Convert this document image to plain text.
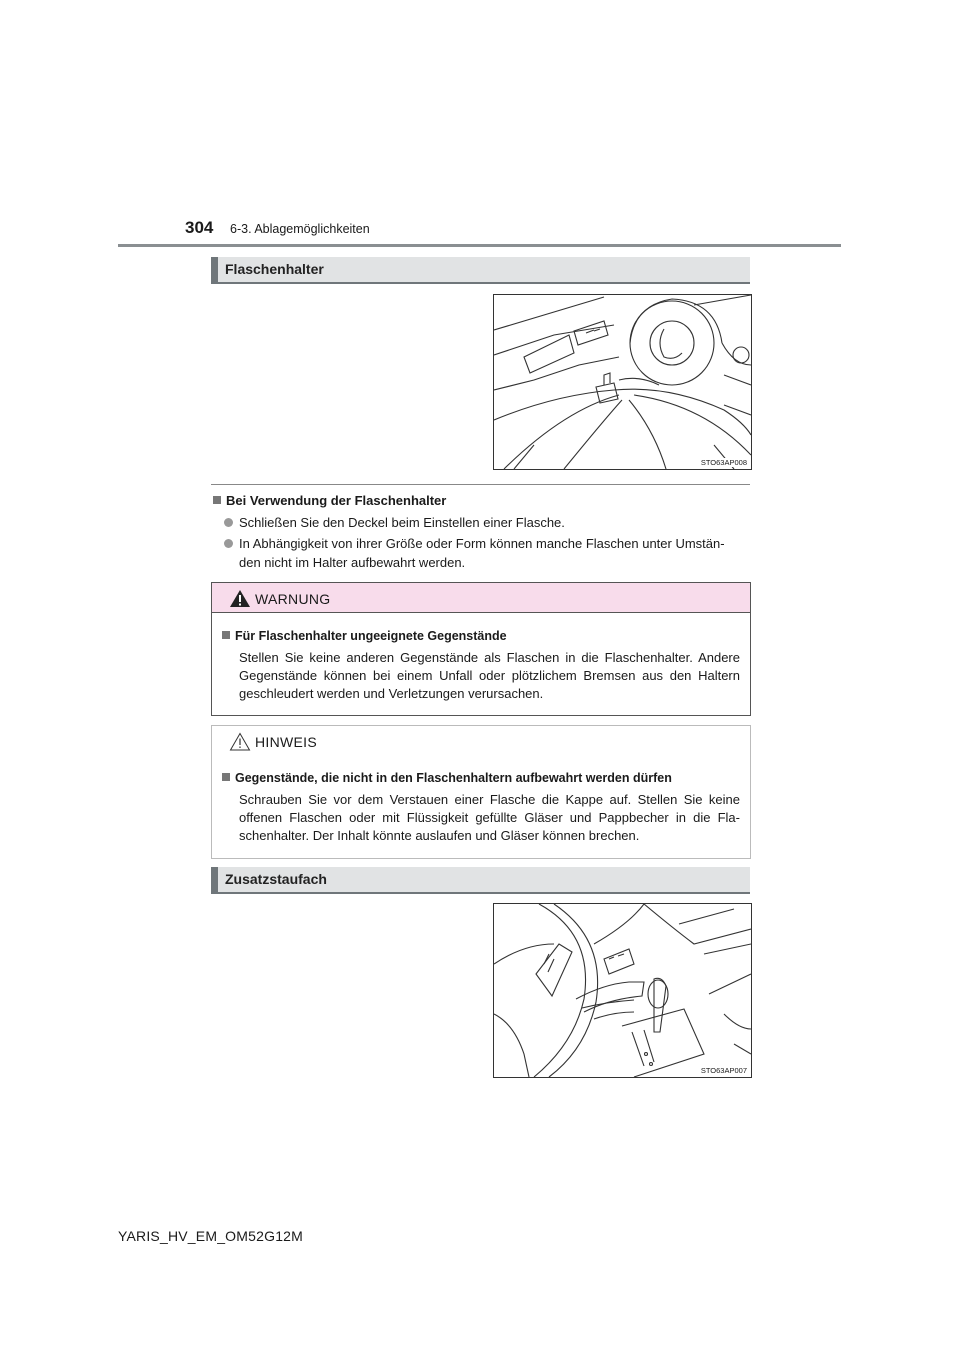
304 6-3. Ablagemöglichkeiten
Flaschenhalter
STO63AP008
Bei Verwendung der Flaschenhalter
Schließen Sie den Deckel beim Einstellen einer Flasche.
In Abhängigkeit von ihrer Größe oder Form können manche Flaschen unter Umstän-
den nicht im Halter aufbewahrt werden.
WARNUNG
Für Flaschenhalter ungeeignete Gegenstände
Stellen Sie keine anderen Gegenstände als Flaschen in die Flaschenhalter. Andere Gegenstände können bei einem Unfall oder plötzlichem Bremsen aus den Haltern geschleudert werden und Verletzungen verursachen.
HINWEIS
Gegenstände, die nicht in den Flaschenhaltern aufbewahrt werden dürfen
Schrauben Sie vor dem Verstauen einer Flasche die Kappe auf. Stellen Sie keine offenen Flaschen oder mit Flüssigkeit gefüllte Gläser und Pappbecher in die Fla-schenhalter. Der Inhalt könnte auslaufen und Gläser können brechen.
Zusatzstaufach
STO63AP007
YARIS_HV_EM_OM52G12M
